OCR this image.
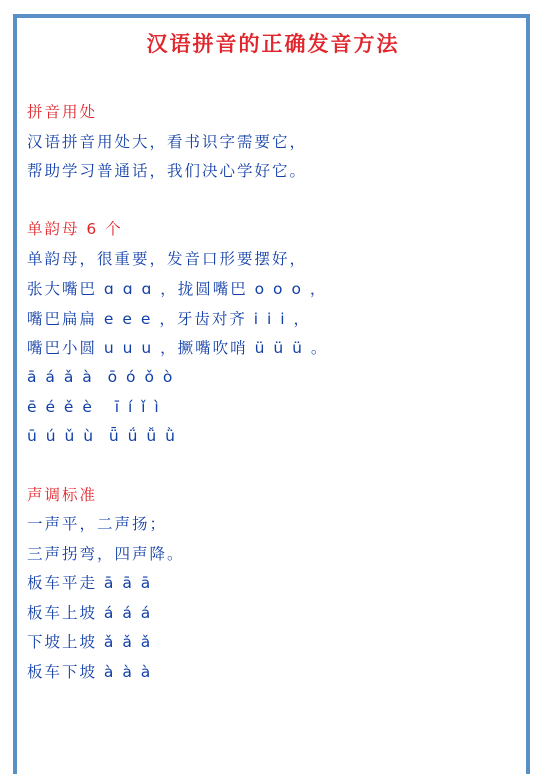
汉语拼音的正确发音方法
拼音用处
汉语拼音用处大，看书识字需要它，
帮助学习普通话，我们决心学好它。
单韵母 6 个
单韵母，很重要，发音口形要摆好，
张大嘴巴 ɑ ɑ ɑ ，拢圆嘴巴 o o o ，
嘴巴扁扁 e e e ，牙齿对齐 i i i ，
嘴巴小圆 u u u ，撅嘴吹哨 ü ü ü 。
ā á ǎ à  ō ó ǒ ò
ē é ě è   ī í ǐ ì
ū ú ǔ ù  ǖ ǘ ǚ ǜ
声调标准
一声平，二声扬；
三声拐弯，四声降。
板车平走 ā ā ā
板车上坡 á á á
下坡上坡 ǎ ǎ ǎ
板车下坡 à à à
